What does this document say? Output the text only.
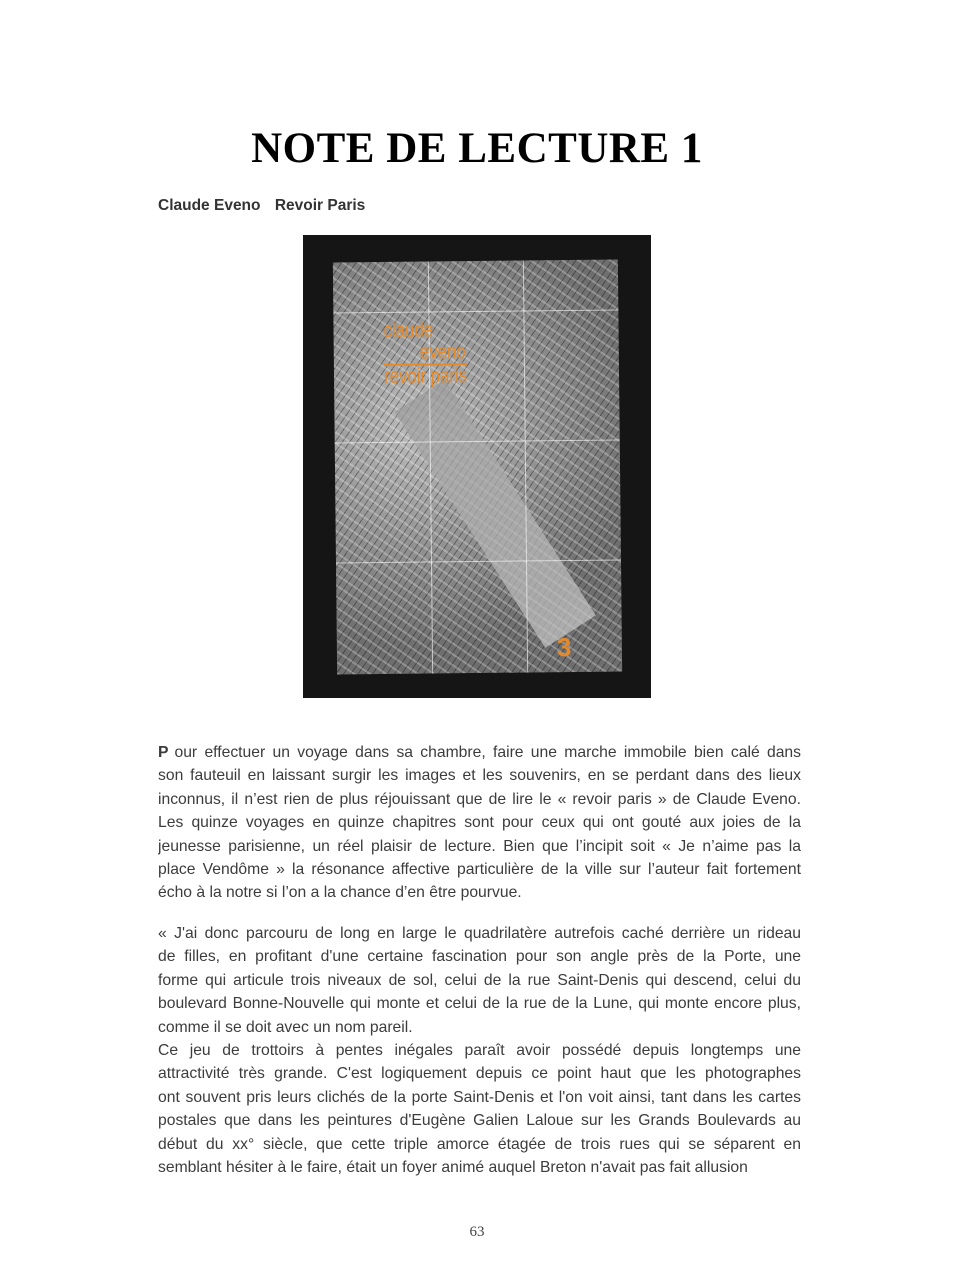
NOTE DE LECTURE 1
Claude Eveno Revoir Paris
claude
eveno
revoir paris
3
P our effectuer un voyage dans sa chambre, faire une marche immobile bien calé dans
son fauteuil en laissant surgir les images et les souvenirs, en se perdant dans des lieux
inconnus, il n’est rien de plus réjouissant que de lire le « revoir paris » de Claude Eveno.
Les quinze voyages en quinze chapitres sont pour ceux qui ont gouté aux joies de la
jeunesse parisienne, un réel plaisir de lecture. Bien que l’incipit soit « Je n’aime pas la
place Vendôme » la résonance affective particulière de la ville sur l’auteur fait fortement
écho à la notre si l’on a la chance d’en être pourvue.
« J'ai donc parcouru de long en large le quadrilatère autrefois caché derrière un rideau
de filles, en profitant d'une certaine fascination pour son angle près de la Porte, une
forme qui articule trois niveaux de sol, celui de la rue Saint-Denis qui descend, celui du
boulevard Bonne-Nouvelle qui monte et celui de la rue de la Lune, qui monte encore plus,
comme il se doit avec un nom pareil.
Ce jeu de trottoirs à pentes inégales paraît avoir possédé depuis longtemps une
attractivité très grande. C'est logiquement depuis ce point haut que les photographes
ont souvent pris leurs clichés de la porte Saint-Denis et l'on voit ainsi, tant dans les cartes
postales que dans les peintures d'Eugène Galien Laloue sur les Grands Boulevards au
début du xx° siècle, que cette triple amorce étagée de trois rues qui se séparent en
semblant hésiter à le faire, était un foyer animé auquel Breton n'avait pas fait allusion
63
